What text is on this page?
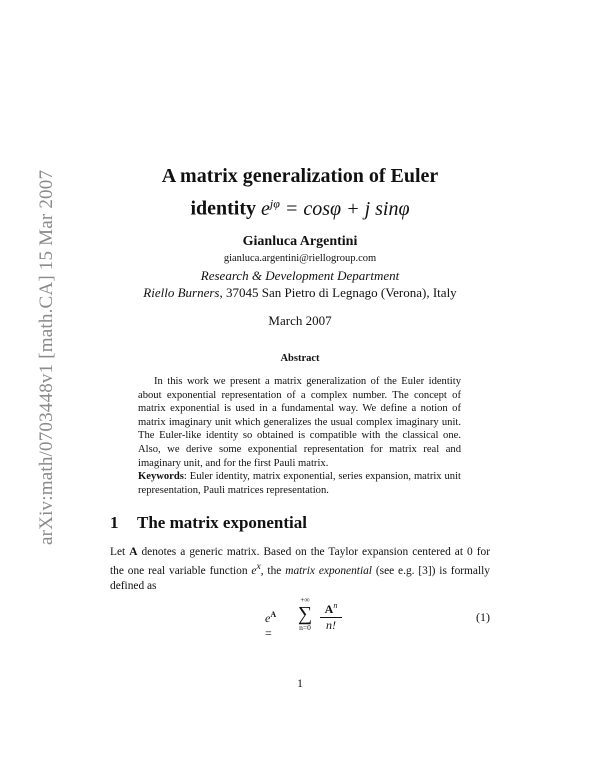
arXiv:math/0703448v1 [math.CA] 15 Mar 2007	A matrix generalization of Euler
identity $e^{j\varphi} = \cos\varphi + j$ sinφ
Gianluca Argentini
gianluca.argentini@riellogroup.com
Research & Development Department
Riello Burners, 37045 San Pietro di Legnago (Verona), Italy
March 2007
Abstract

In this work we present a matrix generalization of the Euler identity about exponential representation of a complex number. The concept of matrix exponential is used in a fundamental way. We define a notion of matrix imaginary unit which generalizes the usual complex imaginary unit. The Euler-like identity so obtained is compatible with the classical one. Also, we derive some exponential representation for matrix real and imaginary unit, and for the first Pauli matrix.

Keywords: Euler identity, matrix exponential, series expansion, matrix unit representation, Pauli matrices representation.
1 The matrix exponential

Let A denotes a generic matrix. Based on the Taylor expansion centered at 0 for the one real variable function $e^x$, the matrix exponential (see e.g. [3]) is formally defined as

$e^A$ =
+∞
∑
$n=0 \frac{A^n}{n!}$	(1)
1
